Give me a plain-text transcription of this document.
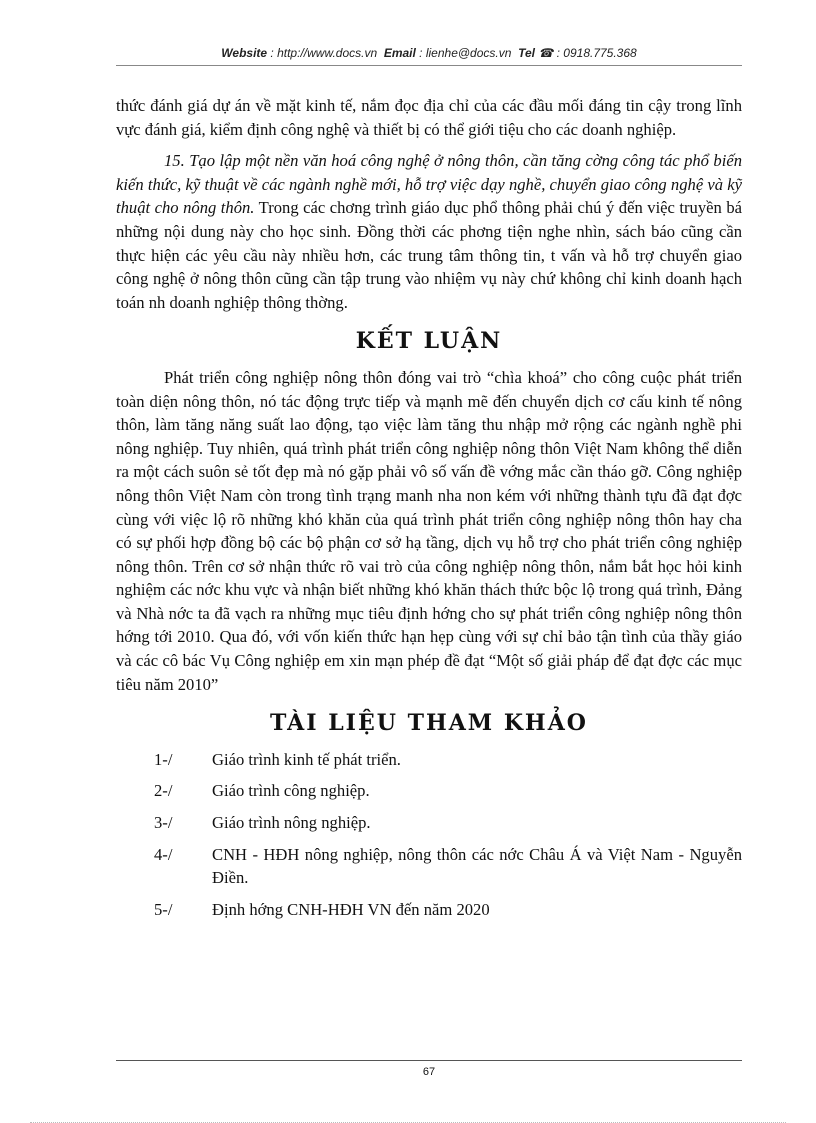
Website : http://www.docs.vn Email : lienhe@docs.vn Tel ☎ : 0918.775.368

thức đánh giá dự án về mặt kinh tế, nắm đọc địa chỉ của các đầu mối đáng tin cậy trong lĩnh vực đánh giá, kiểm định công nghệ và thiết bị có thể giới tiệu cho các doanh nghiệp.

15. Tạo lập một nền văn hoá công nghệ ở nông thôn, cần tăng cờng công tác phổ biến kiến thức, kỹ thuật về các ngành nghề mới, hỗ trợ việc dạy nghề, chuyển giao công nghệ và kỹ thuật cho nông thôn. Trong các chơng trình giáo dục phổ thông phải chú ý đến việc truyền bá những nội dung này cho học sinh. Đồng thời các phơng tiện nghe nhìn, sách báo cũng cần thực hiện các yêu cầu này nhiều hơn, các trung tâm thông tin, t vấn và hỗ trợ chuyển giao công nghệ ở nông thôn cũng cần tập trung vào nhiệm vụ này chứ không chỉ kinh doanh hạch toán nh doanh nghiệp thông thờng.

KẾT LUẬN

Phát triển công nghiệp nông thôn đóng vai trò “chìa khoá” cho công cuộc phát triển toàn diện nông thôn, nó tác động trực tiếp và mạnh mẽ đến chuyển dịch cơ cấu kinh tế nông thôn, làm tăng năng suất lao động, tạo việc làm tăng thu nhập mở rộng các ngành nghề phi nông nghiệp. Tuy nhiên, quá trình phát triển công nghiệp nông thôn Việt Nam không thể diễn ra một cách suôn sẻ tốt đẹp mà nó gặp phải vô số vấn đề vớng mắc cần tháo gỡ. Công nghiệp nông thôn Việt Nam còn trong tình trạng manh nha non kém với những thành tựu đã đạt đợc cùng với việc lộ rõ những khó khăn của quá trình phát triển công nghiệp nông thôn hay cha có sự phối hợp đồng bộ các bộ phận cơ sở hạ tầng, dịch vụ hỗ trợ cho phát triển công nghiệp nông thôn. Trên cơ sở nhận thức rõ vai trò của công nghiệp nông thôn, nắm bắt học hỏi kinh nghiệm các nớc khu vực và nhận biết những khó khăn thách thức bộc lộ trong quá trình, Đảng và Nhà nớc ta đã vạch ra những mục tiêu định hớng cho sự phát triển công nghiệp nông thôn hớng tới 2010. Qua đó, với vốn kiến thức hạn hẹp cùng với sự chỉ bảo tận tình của thầy giáo và các cô bác Vụ Công nghiệp em xin mạn phép đề đạt “Một số giải pháp để đạt đợc các mục tiêu năm 2010”

TÀI LIỆU THAM KHẢO

1-/	Giáo trình kinh tế phát triển.
2-/	Giáo trình công nghiệp.
3-/	Giáo trình nông nghiệp.
4-/	CNH - HĐH nông nghiệp, nông thôn các nớc Châu Á và Việt Nam - Nguyễn Điền.
5-/	Định hớng CNH-HĐH VN đến năm 2020
67
